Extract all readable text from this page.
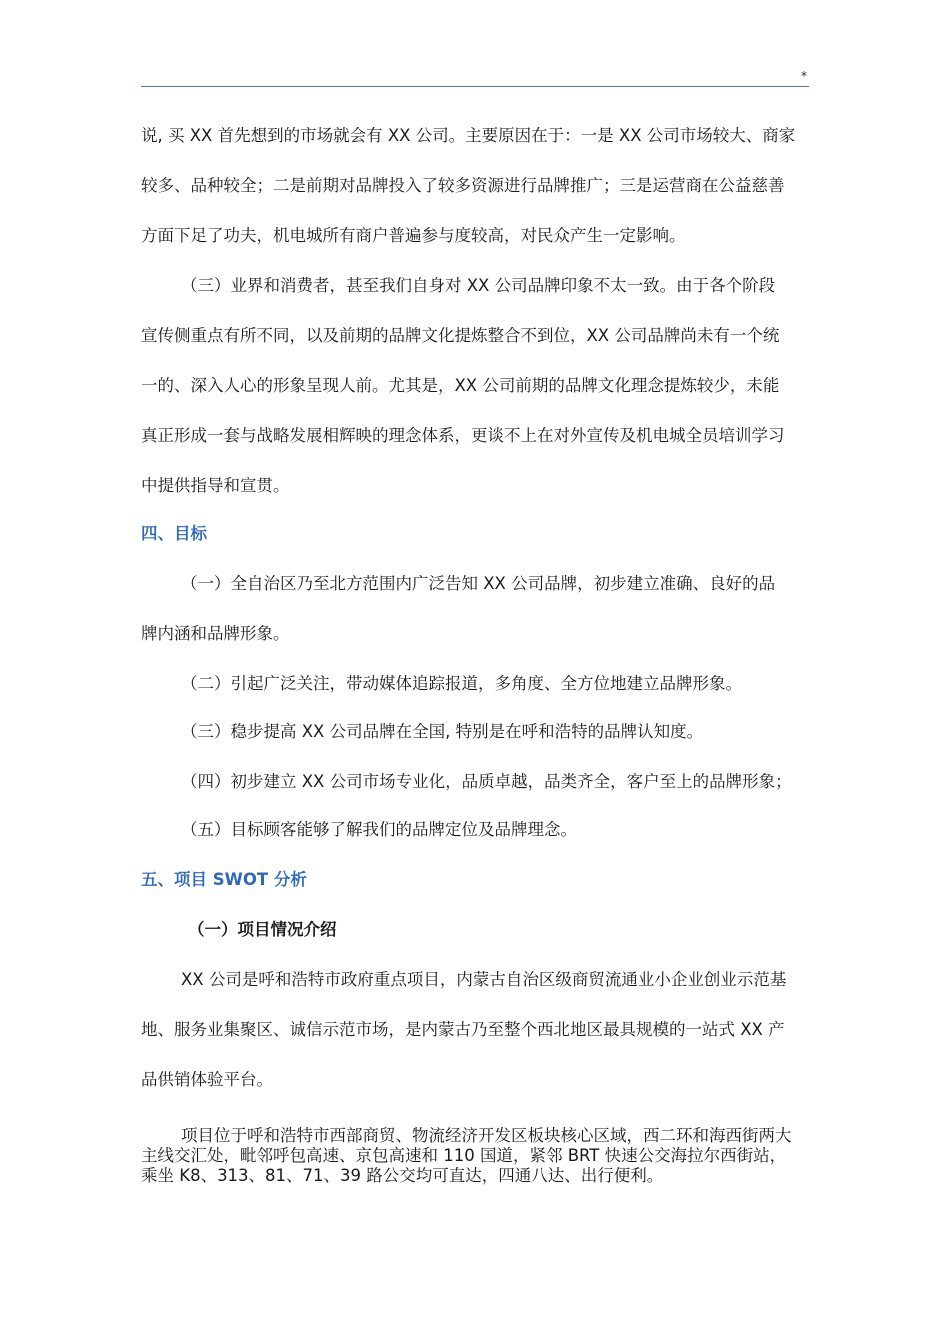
*
说, 买 XX 首先想到的市场就会有 XX 公司。主要原因在于：一是 XX 公司市场较大、商家
较多、品种较全；二是前期对品牌投入了较多资源进行品牌推广；三是运营商在公益慈善
方面下足了功夫，机电城所有商户普遍参与度较高，对民众产生一定影响。
（三）业界和消费者，甚至我们自身对 XX 公司品牌印象不太一致。由于各个阶段
宣传侧重点有所不同，以及前期的品牌文化提炼整合不到位，XX 公司品牌尚未有一个统
一的、深入人心的形象呈现人前。尤其是，XX 公司前期的品牌文化理念提炼较少，未能
真正形成一套与战略发展相辉映的理念体系，更谈不上在对外宣传及机电城全员培训学习
中提供指导和宣贯。
四、目标
（一）全自治区乃至北方范围内广泛告知 XX 公司品牌，初步建立准确、良好的品
牌内涵和品牌形象。
（二）引起广泛关注，带动媒体追踪报道，多角度、全方位地建立品牌形象。
（三）稳步提高 XX 公司品牌在全国, 特别是在呼和浩特的品牌认知度。
（四）初步建立 XX 公司市场专业化，品质卓越，品类齐全，客户至上的品牌形象；
（五）目标顾客能够了解我们的品牌定位及品牌理念。
五、项目 SWOT 分析
（一）项目情况介绍
XX 公司是呼和浩特市政府重点项目，内蒙古自治区级商贸流通业小企业创业示范基
地、服务业集聚区、诚信示范市场，是内蒙古乃至整个西北地区最具规模的一站式 XX 产
品供销体验平台。
项目位于呼和浩特市西部商贸、物流经济开发区板块核心区域，西二环和海西街两大
主线交汇处，毗邻呼包高速、京包高速和 110 国道，紧邻 BRT 快速公交海拉尔西街站，
乘坐 K8、313、81、71、39 路公交均可直达，四通八达、出行便利。
